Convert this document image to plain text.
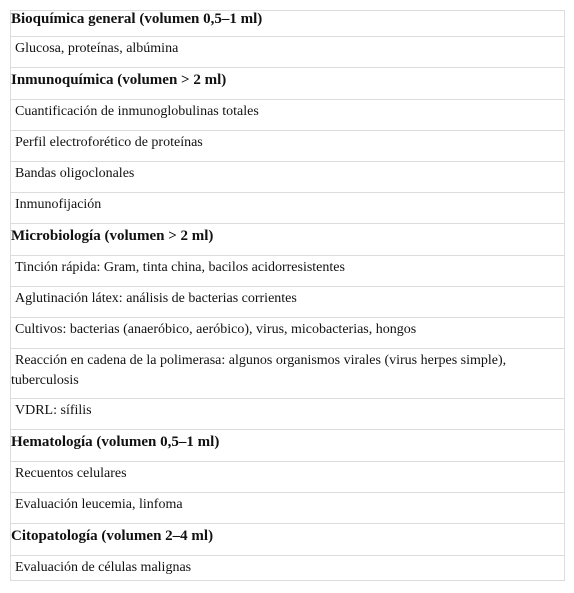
Bioquímica general (volumen 0,5–1 ml)
Glucosa, proteínas, albúmina
Inmunoquímica (volumen > 2 ml)
Cuantificación de inmunoglobulinas totales
Perfil electroforético de proteínas
Bandas oligoclonales
Inmunofijación
Microbiología (volumen > 2 ml)
Tinción rápida: Gram, tinta china, bacilos acidorresistentes
Aglutinación látex: análisis de bacterias corrientes
Cultivos: bacterias (anaeróbico, aeróbico), virus, micobacterias, hongos
Reacción en cadena de la polimerasa: algunos organismos virales (virus herpes simple), tuberculosis
VDRL: sífilis
Hematología (volumen 0,5–1 ml)
Recuentos celulares
Evaluación leucemia, linfoma
Citopatología (volumen 2–4 ml)
Evaluación de células malignas
